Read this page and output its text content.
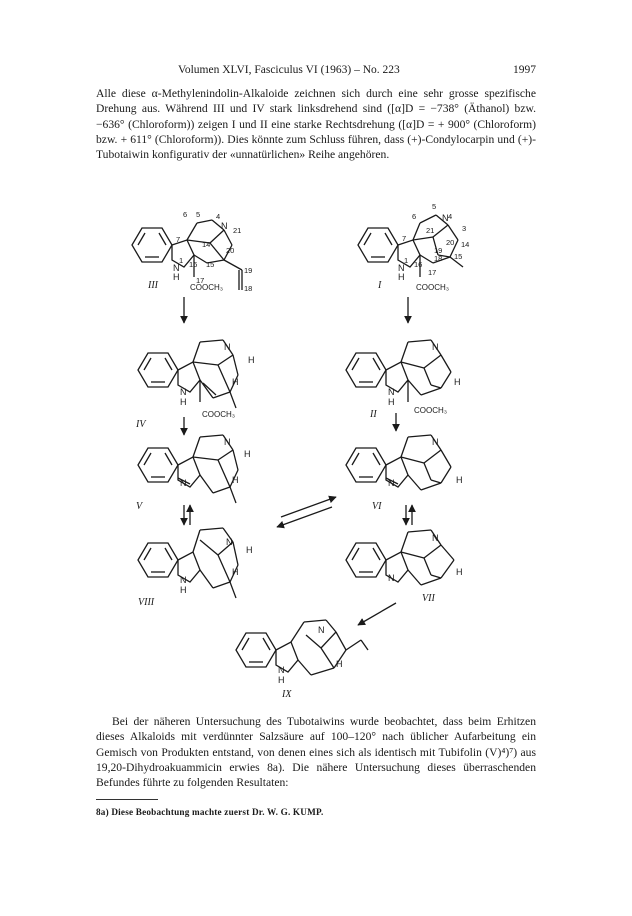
Volumen XLVI, Fasciculus VI (1963) – No. 223	1997

Alle diese α-Methylenindolin-Alkaloide zeichnen sich durch eine sehr grosse spezifische Drehung aus. Während III und IV stark linksdrehend sind ([α]D = −738° (Äthanol) bzw. −636° (Chloroform)) zeigen I und II eine starke Rechtsdrehung ([α]D = + 900° (Chloroform) bzw. + 611° (Chloroform)). Dies könnte zum Schluss führen, dass (+)-Condylocarpin und (+)-Tubotaiwin konfigurativ der «unnatürlichen» Reihe angehören.

6 5 4
21
7
14
20
19
18
1 16 15
17
5
6	4
3
21
7	20 14
19
18
1 16
15
17
N
H
N
N
H
N
N
H
N
N
H
N
N
N
N
N
N
H
N
N
N
N
H
N
H
H	H
H
H	H
H
H	H
H
COOCH₃	COOCH₃
COOCH₃	COOCH₃
III	I
IV
II
V	VI
VIII	VII
IX

Bei der näheren Untersuchung des Tubotaiwins wurde beobachtet, dass beim Erhitzen dieses Alkaloids mit verdünnter Salzsäure auf 100–120° nach üblicher Aufarbeitung ein Gemisch von Produkten entstand, von denen eines sich als identisch mit Tubifolin (V)⁴)⁷) aus 19,20-Dihydroakuammicin erwies 8a). Die nähere Untersuchung dieses überraschenden Befundes führte zu folgenden Resultaten:

8a) Diese Beobachtung machte zuerst Dr. W. G. KUMP.
